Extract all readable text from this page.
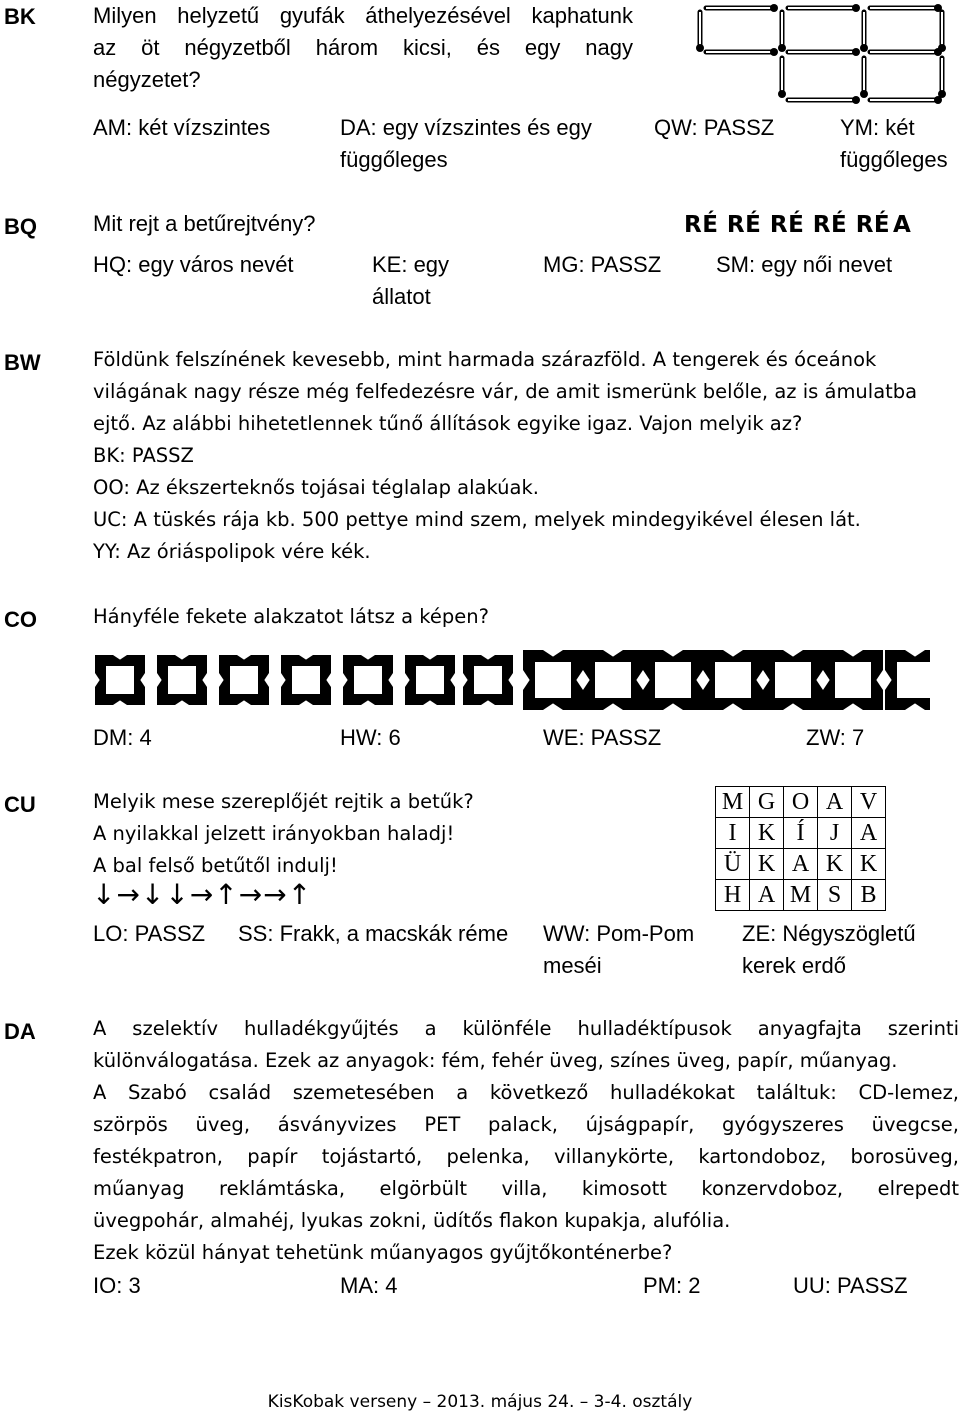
BK	Milyen helyzetű gyufák áthelyezésével kaphatunk
az öt négyzetből három kicsi, és egy nagy
négyzetet?
AM: két vízszintes	DA: egy vízszintes és egy
függőleges
QW: PASSZ	YM: két
függőleges
BQ	Mit rejt a betűrejtvény?	RÉ RÉ RÉ RÉ RÉ A
HQ: egy város nevét	KE: egy
állatot
MG: PASSZ SM: egy női nevet
BW	Földünk felszínének kevesebb, mint harmada szárazföld. A tengerek és óceánok
világának nagy része még felfedezésre vár, de amit ismerünk belőle, az is ámulatba
ejtő. Az alábbi hihetetlennek tűnő állítások egyike igaz. Vajon melyik az?
BK: PASSZ
OO: Az ékszerteknős tojásai téglalap alakúak.
UC: A tüskés rája kb. 500 pettye mind szem, melyek mindegyikével élesen lát.
YY: Az óriáspolipok vére kék.
CO	Hányféle fekete alakzatot látsz a képen?
DM: 4	HW: 6	WE: PASSZ	ZW: 7
CU	Melyik mese szereplőjét rejtik a betűk?
A nyilakkal jelzett irányokban haladj!
A bal felső betűtől indulj!
↓→↓↓→↑→→↑
M	G	O	A	V
I	K	Í	J	A
Ü	K	A	K	K
H	A	M	S	B
LO: PASSZ SS: Frakk, a macskák réme WW: Pom-Pom
meséi
ZE: Négyszögletű
kerek erdő
DA	A szelektív hulladékgyűjtés a különféle hulladéktípusok anyagfajta szerinti
különválogatása. Ezek az anyagok: fém, fehér üveg, színes üveg, papír, műanyag.
A Szabó család szemetesében a következő hulladékokat találtuk: CD-lemez,
szörpös üveg, ásványvizes PET palack, újságpapír, gyógyszeres üvegcse,
festékpatron, papír tojástartó, pelenka, villanykörte, kartondoboz, borosüveg,
műanyag reklámtáska, elgörbült villa, kimosott konzervdoboz, elrepedt
üvegpohár, almahéj, lyukas zokni, üdítős flakon kupakja, alufólia.
Ezek közül hányat tehetünk műanyagos gyűjtőkonténerbe?
IO: 3	MA: 4	PM: 2	UU: PASSZ
KisKobak verseny – 2013. május 24. – 3-4. osztály
